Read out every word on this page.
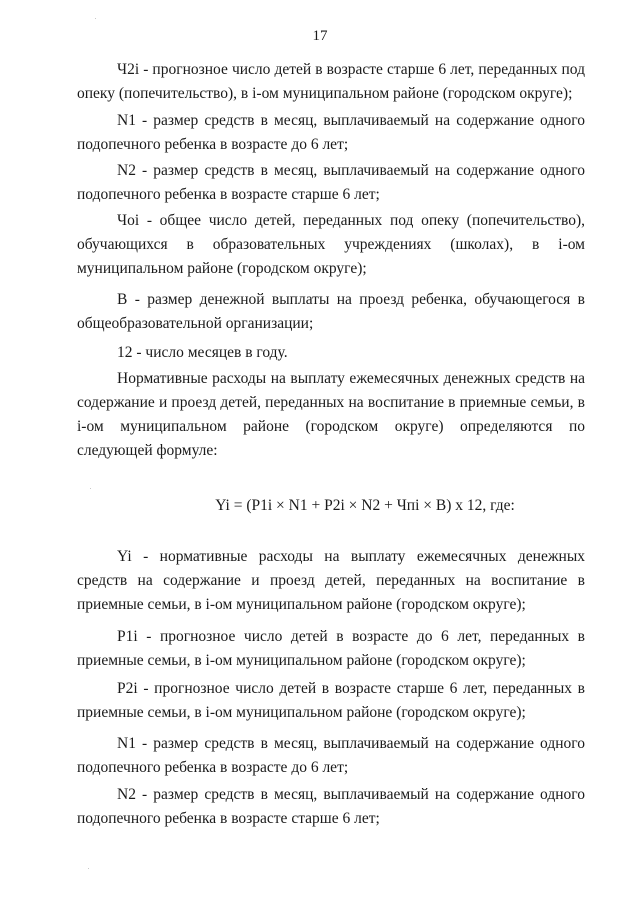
17
Ч2i - прогнозное число детей в возрасте старше 6 лет, переданных под опеку (попечительство), в i-ом муниципальном районе (городском округе);
N1 - размер средств в месяц, выплачиваемый на содержание одного подопечного ребенка в возрасте до 6 лет;
N2 - размер средств в месяц, выплачиваемый на содержание одного подопечного ребенка в возрасте старше 6 лет;
Чоi - общее число детей, переданных под опеку (попечительство), обучающихся в образовательных учреждениях (школах), в i-ом муниципальном районе (городском округе);
В - размер денежной выплаты на проезд ребенка, обучающегося в общеобразовательной организации;
12 - число месяцев в году.
Нормативные расходы на выплату ежемесячных денежных средств на содержание и проезд детей, переданных на воспитание в приемные семьи, в i-ом муниципальном районе (городском округе) определяются по следующей формуле:
Yi = (P1i × N1 + P2i × N2 + Чпi × B) х 12, где:
Yi - нормативные расходы на выплату ежемесячных денежных средств на содержание и проезд детей, переданных на воспитание в приемные семьи, в i-ом муниципальном районе (городском округе);
P1i - прогнозное число детей в возрасте до 6 лет, переданных в приемные семьи, в i-ом муниципальном районе (городском округе);
P2i - прогнозное число детей в возрасте старше 6 лет, переданных в приемные семьи, в i-ом муниципальном районе (городском округе);
N1 - размер средств в месяц, выплачиваемый на содержание одного подопечного ребенка в возрасте до 6 лет;
N2 - размер средств в месяц, выплачиваемый на содержание одного подопечного ребенка в возрасте старше 6 лет;
